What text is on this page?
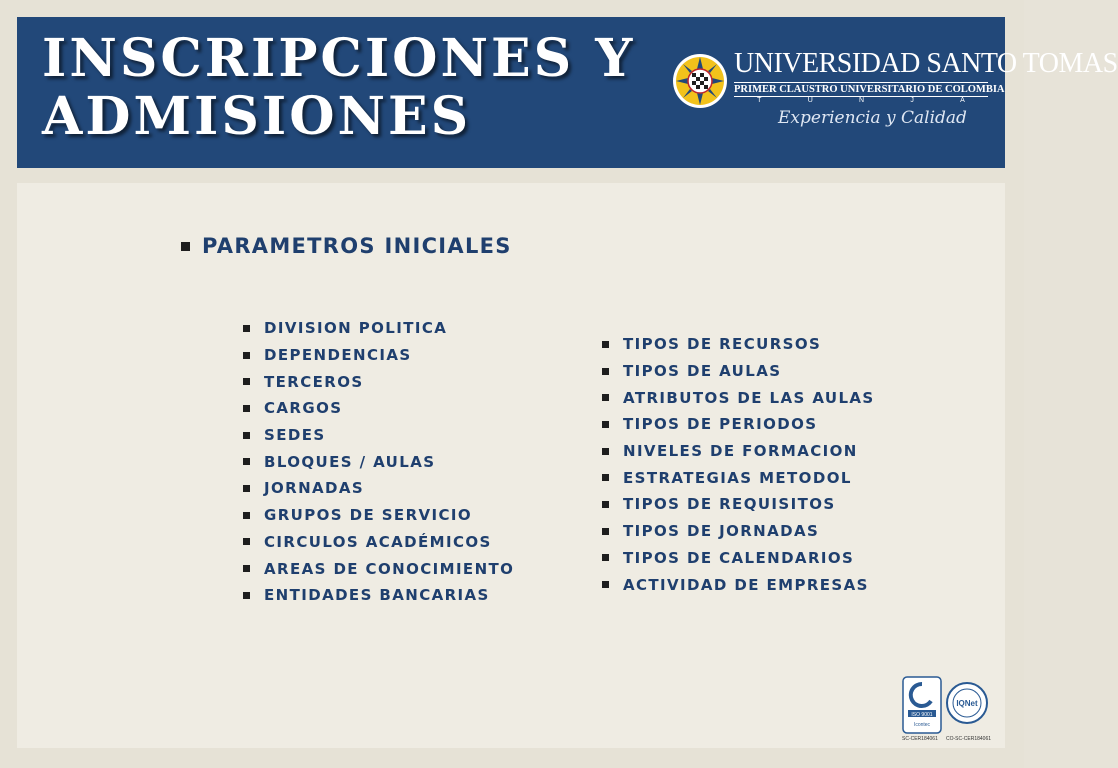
INSCRIPCIONES Y
ADMISIONES
UNIVERSIDAD SANTO TOMAS
PRIMER CLAUSTRO UNIVERSITARIO DE COLOMBIA
T	U	N	J	A
Experiencia y Calidad
PARAMETROS INICIALES
DIVISION POLITICA
DEPENDENCIAS
TERCEROS
CARGOS
SEDES
BLOQUES / AULAS
JORNADAS
GRUPOS DE SERVICIO
CIRCULOS ACADÉMICOS
AREAS DE CONOCIMIENTO
ENTIDADES BANCARIAS
TIPOS DE RECURSOS
TIPOS DE AULAS
ATRIBUTOS DE LAS AULAS
TIPOS DE PERIODOS
NIVELES DE FORMACION
ESTRATEGIAS METODOL
TIPOS DE REQUISITOS
TIPOS DE JORNADAS
TIPOS DE CALENDARIOS
ACTIVIDAD DE EMPRESAS
ISO 9001
Icontec
IQNet
SC-CER184061 CO-SC-CER184061
